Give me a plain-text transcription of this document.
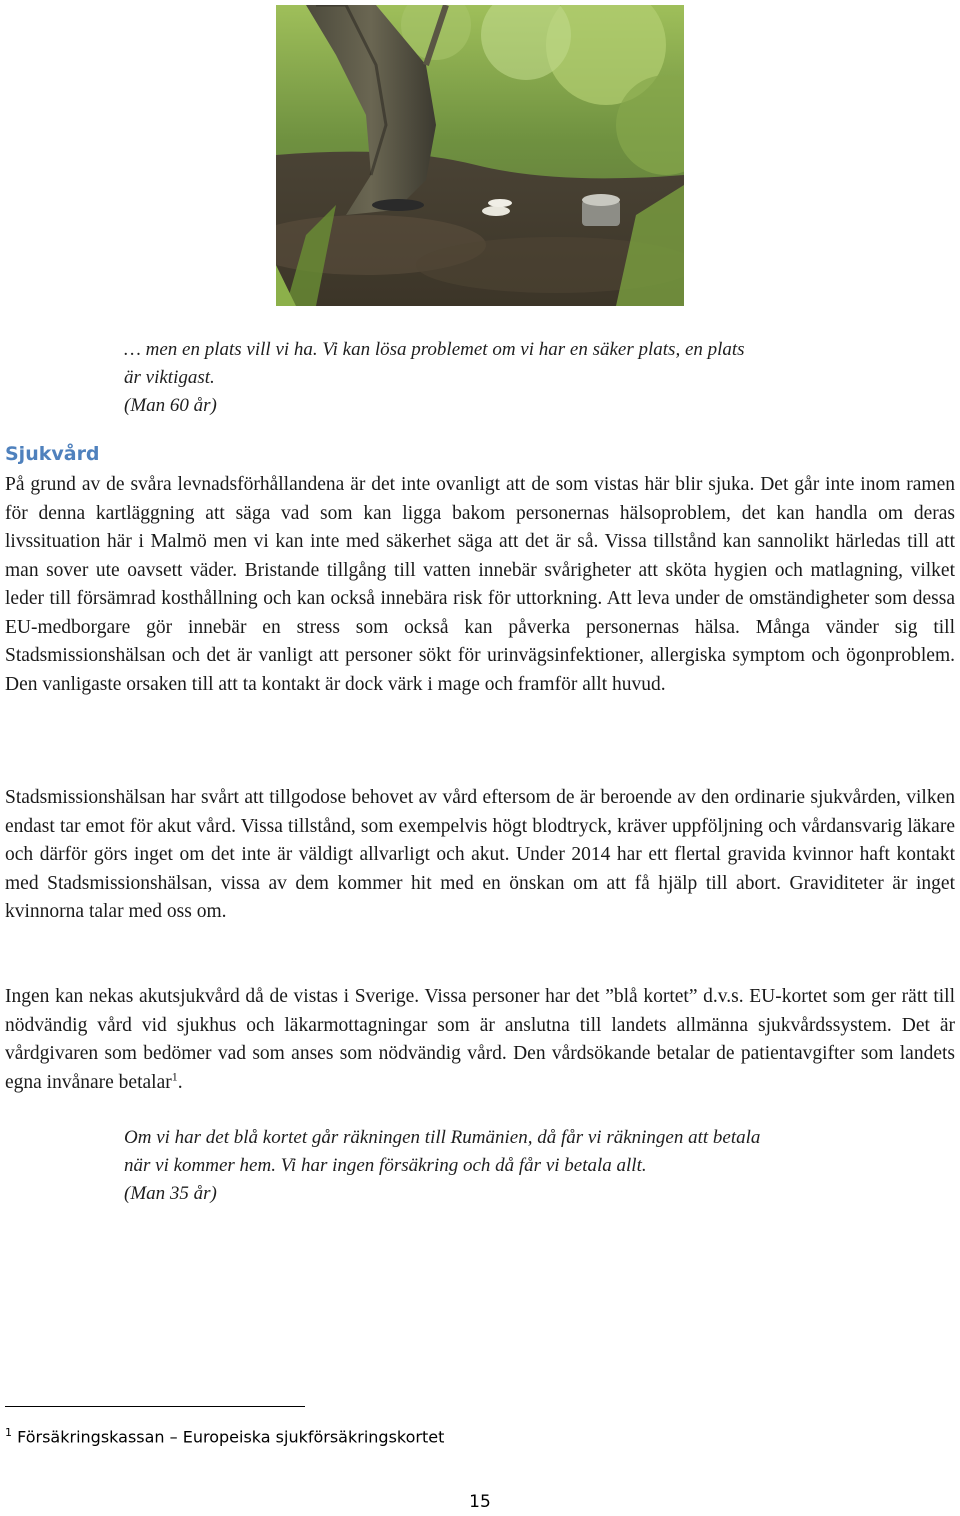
… men en plats vill vi ha. Vi kan lösa problemet om vi har en säker plats, en plats

är viktigast.

(Man 60 år)

Sjukvård

På grund av de svåra levnadsförhållandena är det inte ovanligt att de som vistas här blir sjuka. Det går inte inom ramen för denna kartläggning att säga vad som kan ligga bakom personernas hälsoproblem, det kan handla om deras livssituation här i Malmö men vi kan inte med säkerhet säga att det är så. Vissa tillstånd kan sannolikt härledas till att man sover ute oavsett väder. Bristande tillgång till vatten innebär svårigheter att sköta hygien och matlagning, vilket leder till försämrad kosthållning och kan också innebära risk för uttorkning. Att leva under de omständigheter som dessa EU-medborgare gör innebär en stress som också kan påverka personernas hälsa. Många vänder sig till Stadsmissionshälsan och det är vanligt att personer sökt för urinvägsinfektioner, allergiska symptom och ögonproblem. Den vanligaste orsaken till att ta kontakt är dock värk i mage och framför allt huvud.

Stadsmissionshälsan har svårt att tillgodose behovet av vård eftersom de är beroende av den ordinarie sjukvården, vilken endast tar emot för akut vård. Vissa tillstånd, som exempelvis högt blodtryck, kräver uppföljning och vårdansvarig läkare och därför görs inget om det inte är väldigt allvarligt och akut. Under 2014 har ett flertal gravida kvinnor haft kontakt med Stadsmissionshälsan, vissa av dem kommer hit med en önskan om att få hjälp till abort. Graviditeter är inget kvinnorna talar med oss om.

Ingen kan nekas akutsjukvård då de vistas i Sverige. Vissa personer har det ”blå kortet” d.v.s. EU-kortet som ger rätt till nödvändig vård vid sjukhus och läkarmottagningar som är anslutna till landets allmänna sjukvårdssystem. Det är vårdgivaren som bedömer vad som anses som nödvändig vård. Den vårdsökande betalar de patientavgifter som landets egna invånare betalar$^1$.

Om vi har det blå kortet går räkningen till Rumänien, då får vi räkningen att betala

när vi kommer hem. Vi har ingen försäkring och då får vi betala allt.

(Man 35 år)

$^1$ Försäkringskassan – Europeiska sjukförsäkringskortet

15
